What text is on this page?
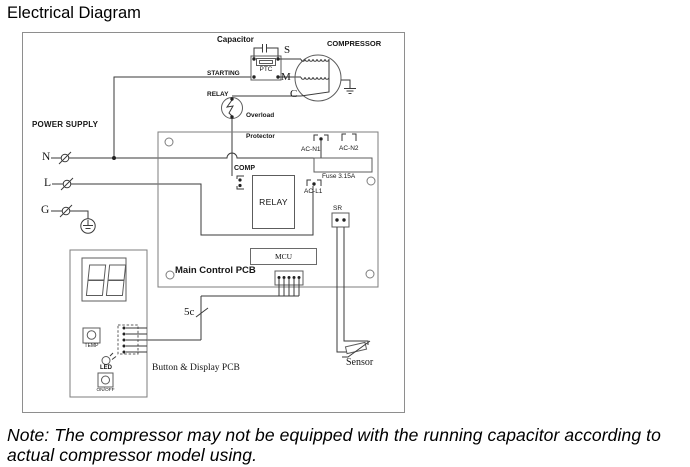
Electrical Diagram
POWER SUPPLY
N
L
G
Capacitor

STARTING

RELAY

PTC
COMPRESSOR
S
M
C

Overload

Protector

COMP
RELAY
AC-N1	AC-N2
Fuse 3.15A
AC-L1
SR
MCU
Main Control PCB
5c
TEMP
LED
ON/OFF
Button & Display PCB	Sensor
Note: The compressor may not be equipped with the running capacitor according to
actual compressor model using.
